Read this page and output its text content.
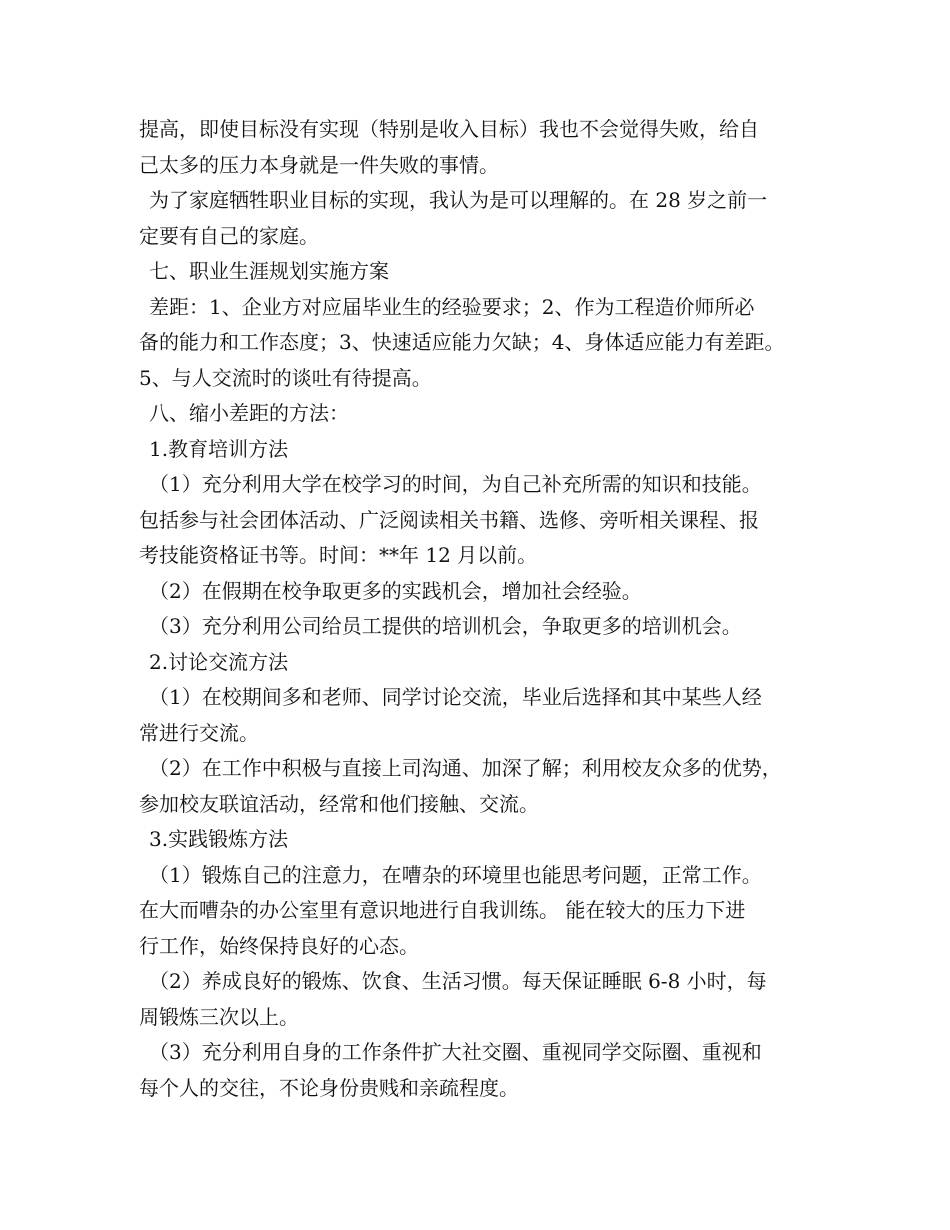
提高，即使目标没有实现（特别是收入目标）我也不会觉得失败，给自
己太多的压力本身就是一件失败的事情。
为了家庭牺牲职业目标的实现，我认为是可以理解的。在 28 岁之前一
定要有自己的家庭。
七、职业生涯规划实施方案
差距：1、企业方对应届毕业生的经验要求；2、作为工程造价师所必
备的能力和工作态度；3、快速适应能力欠缺；4、身体适应能力有差距。
5、与人交流时的谈吐有待提高。
八、缩小差距的方法：
1.教育培训方法
（1）充分利用大学在校学习的时间，为自己补充所需的知识和技能。
包括参与社会团体活动、广泛阅读相关书籍、选修、旁听相关课程、报
考技能资格证书等。时间：**年 12 月以前。
（2）在假期在校争取更多的实践机会，增加社会经验。
（3）充分利用公司给员工提供的培训机会，争取更多的培训机会。
2.讨论交流方法
（1）在校期间多和老师、同学讨论交流，毕业后选择和其中某些人经
常进行交流。
（2）在工作中积极与直接上司沟通、加深了解；利用校友众多的优势，
参加校友联谊活动，经常和他们接触、交流。
3.实践锻炼方法
（1）锻炼自己的注意力，在嘈杂的环境里也能思考问题，正常工作。
在大而嘈杂的办公室里有意识地进行自我训练。 能在较大的压力下进
行工作，始终保持良好的心态。
（2）养成良好的锻炼、饮食、生活习惯。每天保证睡眠 6-8 小时，每
周锻炼三次以上。
（3）充分利用自身的工作条件扩大社交圈、重视同学交际圈、重视和
每个人的交往，不论身份贵贱和亲疏程度。
